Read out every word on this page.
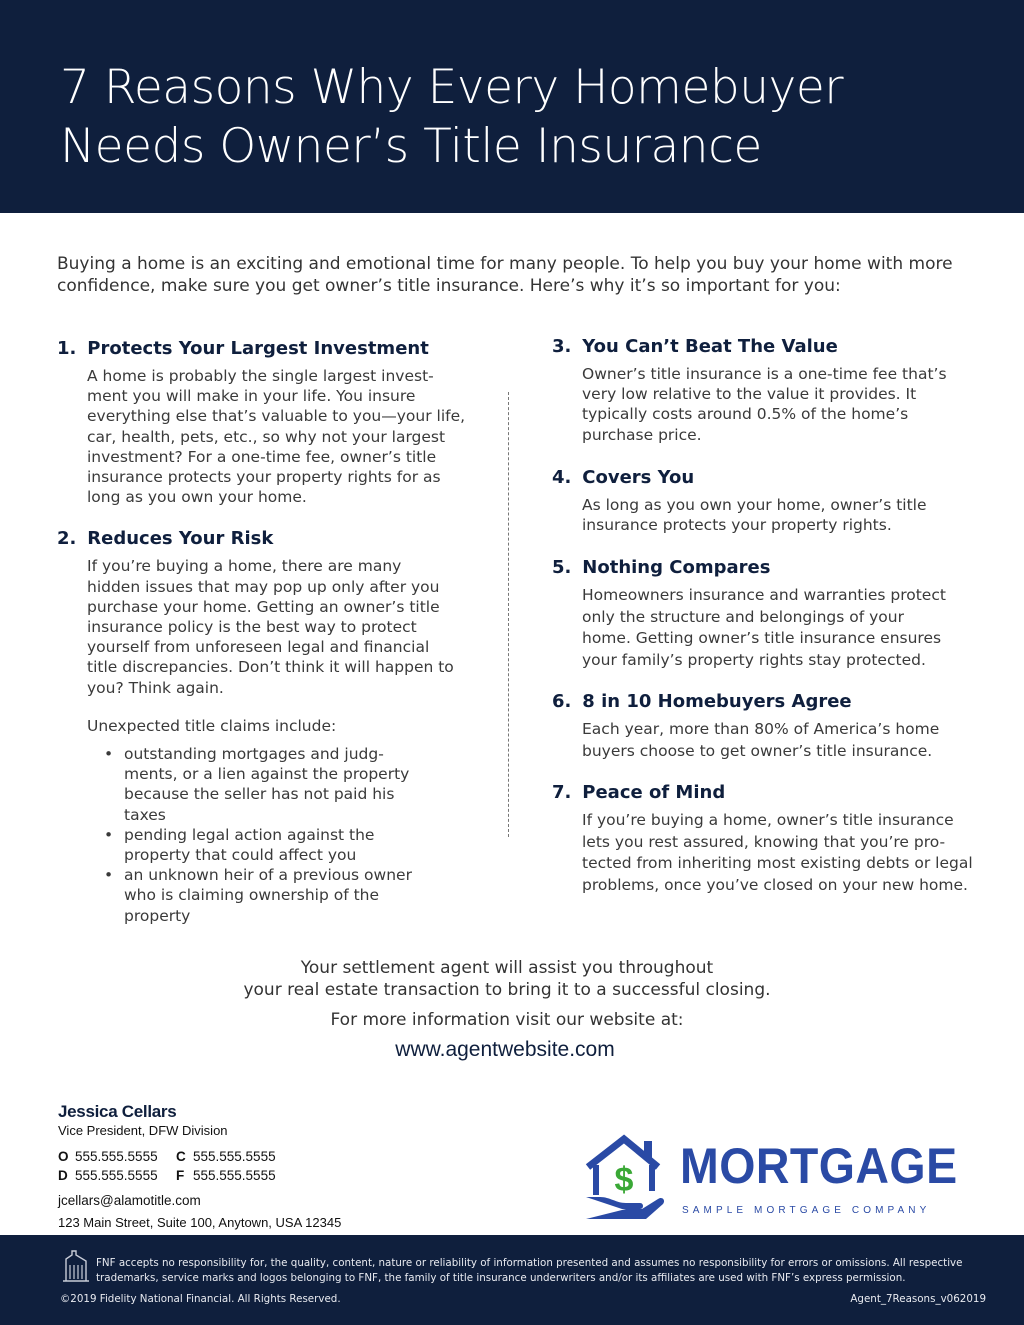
7 Reasons Why Every Homebuyer
Needs Owner’s Title Insurance
Buying a home is an exciting and emotional time for many people. To help you buy your home with more
confidence, make sure you get owner’s title insurance. Here’s why it’s so important for you:
1. Protects Your Largest Investment
A home is probably the single largest invest-
ment you will make in your life. You insure
everything else that’s valuable to you—your life,
car, health, pets, etc., so why not your largest
investment? For a one-time fee, owner’s title
insurance protects your property rights for as
long as you own your home.
2. Reduces Your Risk
If you’re buying a home, there are many
hidden issues that may pop up only after you
purchase your home. Getting an owner’s title
insurance policy is the best way to protect
yourself from unforeseen legal and financial
title discrepancies. Don’t think it will happen to
you? Think again.
Unexpected title claims include:
• outstanding mortgages and judg-
ments, or a lien against the property
because the seller has not paid his
taxes
• pending legal action against the
property that could affect you
• an unknown heir of a previous owner
who is claiming ownership of the
property
3. You Can’t Beat The Value
Owner’s title insurance is a one-time fee that’s
very low relative to the value it provides. It
typically costs around 0.5% of the home’s
purchase price.
4. Covers You
As long as you own your home, owner’s title
insurance protects your property rights.
5. Nothing Compares
Homeowners insurance and warranties protect
only the structure and belongings of your
home. Getting owner’s title insurance ensures
your family’s property rights stay protected.
6. 8 in 10 Homebuyers Agree
Each year, more than 80% of America’s home
buyers choose to get owner’s title insurance.
7. Peace of Mind
If you’re buying a home, owner’s title insurance
lets you rest assured, knowing that you’re pro-
tected from inheriting most existing debts or legal
problems, once you’ve closed on your new home.
Your settlement agent will assist you throughout
your real estate transaction to bring it to a successful closing.
For more information visit our website at:
www.agentwebsite.com
Jessica Cellars
Vice President, DFW Division
O 555.555.5555 C 555.555.5555
D 555.555.5555 F 555.555.5555
jcellars@alamotitle.com
123 Main Street, Suite 100, Anytown, USA 12345
$ MORTGAGE
SAMPLE MORTGAGE COMPANY
FNF accepts no responsibility for, the quality, content, nature or reliability of information presented and assumes no responsibility for errors or omissions. All respective
trademarks, service marks and logos belonging to FNF, the family of title insurance underwriters and/or its affiliates are used with FNF’s express permission.
©2019 Fidelity National Financial. All Rights Reserved.	Agent_7Reasons_v062019
